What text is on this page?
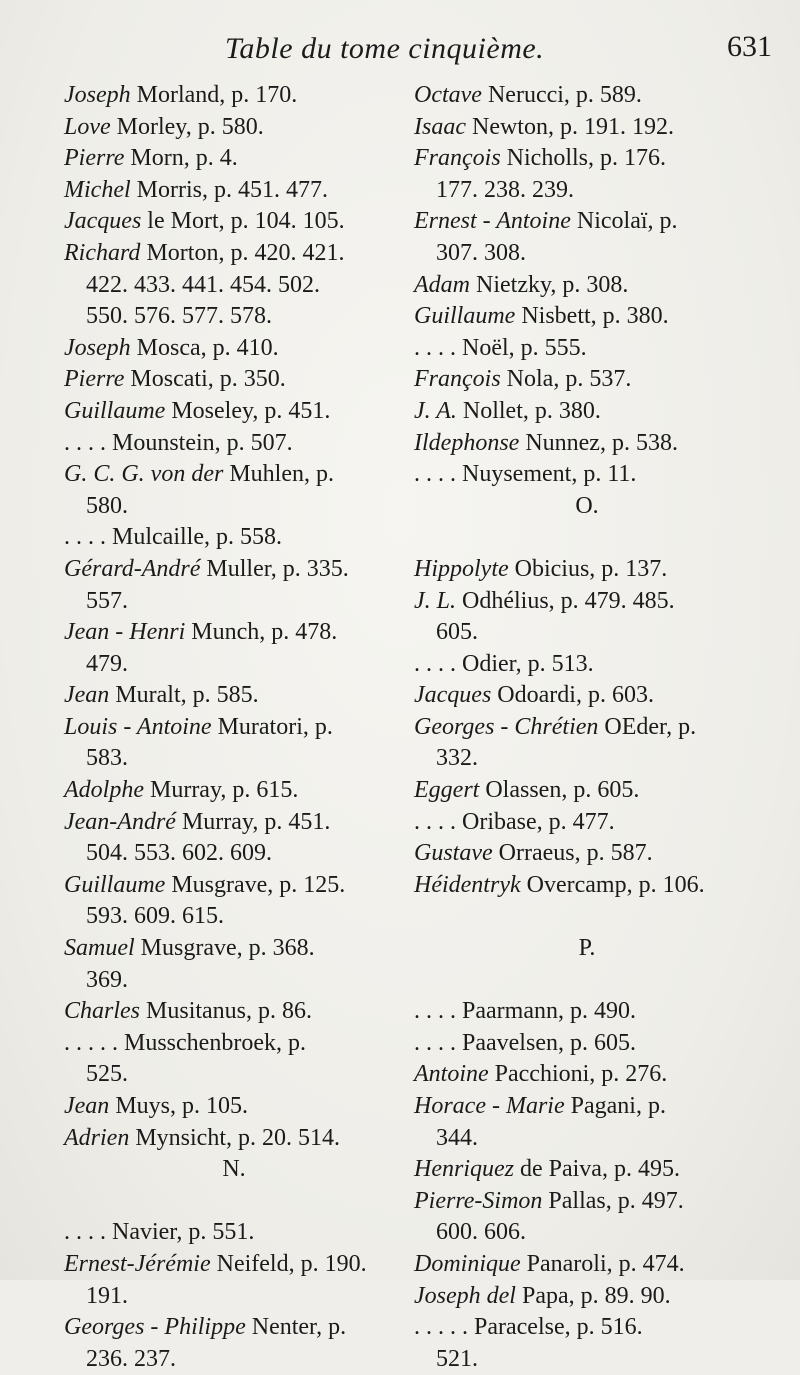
Table du tome cinquième.	631
Joseph Morland, p. 170.
Love Morley, p. 580.
Pierre Morn, p. 4.
Michel Morris, p. 451. 477.
Jacques le Mort, p. 104. 105.
Richard Morton, p. 420. 421.
422. 433. 441. 454. 502.
550. 576. 577. 578.
Joseph Mosca, p. 410.
Pierre Moscati, p. 350.
Guillaume Moseley, p. 451.
. . . . Mounstein, p. 507.
G. C. G. von der Muhlen, p.
580.
. . . . Mulcaille, p. 558.
Gérard-André Muller, p. 335.
557.
Jean - Henri Munch, p. 478.
479.
Jean Muralt, p. 585.
Louis - Antoine Muratori, p.
583.
Adolphe Murray, p. 615.
Jean-André Murray, p. 451.
504. 553. 602. 609.
Guillaume Musgrave, p. 125.
593. 609. 615.
Samuel Musgrave, p. 368.
369.
Charles Musitanus, p. 86.
. . . . . Musschenbroek, p.
525.
Jean Muys, p. 105.
Adrien Mynsicht, p. 20. 514.
N.
. . . . Navier, p. 551.
Ernest-Jérémie Neifeld, p. 190.
191.
Georges - Philippe Nenter, p.
236. 237.
Octave Nerucci, p. 589.
Isaac Newton, p. 191. 192.
François Nicholls, p. 176.
177. 238. 239.
Ernest - Antoine Nicolaï, p.
307. 308.
Adam Nietzky, p. 308.
Guillaume Nisbett, p. 380.
. . . . Noël, p. 555.
François Nola, p. 537.
J. A. Nollet, p. 380.
Ildephonse Nunnez, p. 538.
. . . . Nuysement, p. 11.
O.
Hippolyte Obicius, p. 137.
J. L. Odhélius, p. 479. 485.
605.
. . . . Odier, p. 513.
Jacques Odoardi, p. 603.
Georges - Chrétien OEder, p.
332.
Eggert Olassen, p. 605.
. . . . Oribase, p. 477.
Gustave Orraeus, p. 587.
Héidentryk Overcamp, p. 106.
P.
. . . . Paarmann, p. 490.
. . . . Paavelsen, p. 605.
Antoine Pacchioni, p. 276.
Horace - Marie Pagani, p.
344.
Henriquez de Paiva, p. 495.
Pierre-Simon Pallas, p. 497.
600. 606.
Dominique Panaroli, p. 474.
Joseph del Papa, p. 89. 90.
. . . . . Paracelse, p. 516.
521.
